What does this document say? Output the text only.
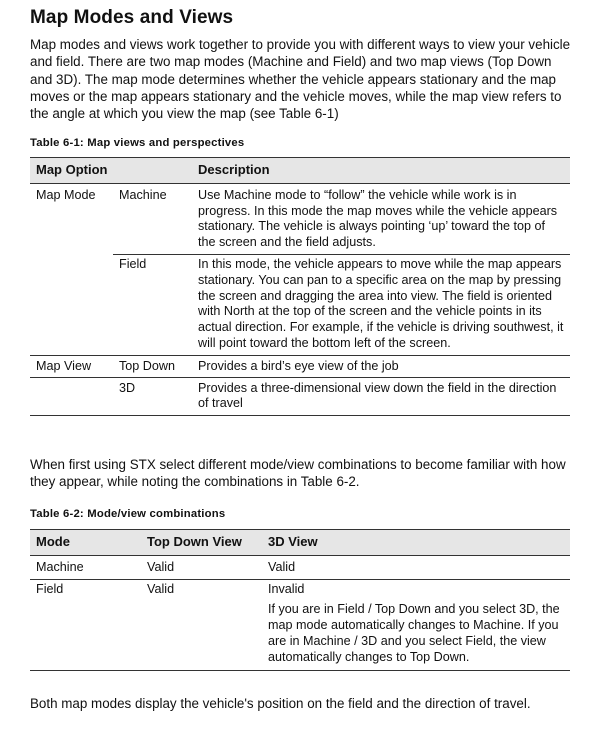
Map Modes and Views

Map modes and views work together to provide you with different ways to view your vehicle and field. There are two map modes (Machine and Field) and two map views (Top Down and 3D). The map mode determines whether the vehicle appears stationary and the map moves or the map appears stationary and the vehicle moves, while the map view refers to the angle at which you view the map (see Table 6-1)

Table 6-1: Map views and perspectives

Map Option		Description
Map Mode	Machine	Use Machine mode to “follow” the vehicle while work is in progress. In this mode the map moves while the vehicle appears stationary. The vehicle is always pointing ‘up’ toward the top of the screen and the field adjusts.
	Field	In this mode, the vehicle appears to move while the map appears stationary. You can pan to a specific area on the map by pressing the screen and dragging the area into view. The field is oriented with North at the top of the screen and the vehicle points in its actual direction. For example, if the vehicle is driving southwest, it will point toward the bottom left of the screen.
Map View	Top Down	Provides a bird’s eye view of the job
	3D	Provides a three-dimensional view down the field in the direction of travel

When first using STX select different mode/view combinations to become familiar with how they appear, while noting the combinations in Table 6-2.

Table 6-2: Mode/view combinations

Mode	Top Down View	3D View
Machine	Valid	Valid
Field	Valid	Invalid
If you are in Field / Top Down and you select 3D, the map mode automatically changes to Machine. If you are in Machine / 3D and you select Field, the view automatically changes to Top Down.

Both map modes display the vehicle's position on the field and the direction of travel.
